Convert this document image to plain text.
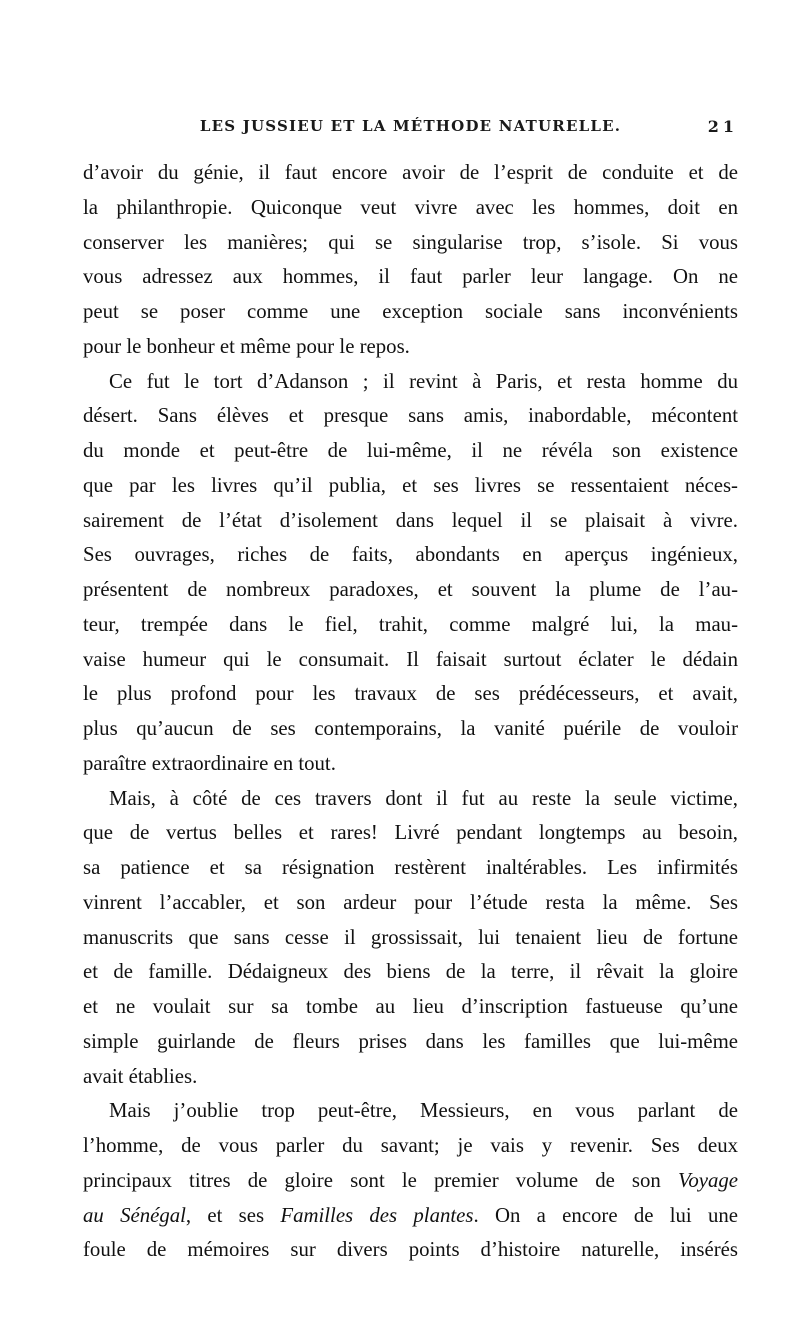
LES JUSSIEU ET LA MÉTHODE NATURELLE.	21
d’avoir du génie, il faut encore avoir de l’esprit de conduite et de
la philanthropie. Quiconque veut vivre avec les hommes, doit en
conserver les manières; qui se singularise trop, s’isole. Si vous
vous adressez aux hommes, il faut parler leur langage. On ne
peut se poser comme une exception sociale sans inconvénients
pour le bonheur et même pour le repos.
Ce fut le tort d’Adanson ; il revint à Paris, et resta homme du
désert. Sans élèves et presque sans amis, inabordable, mécontent
du monde et peut-être de lui-même, il ne révéla son existence
que par les livres qu’il publia, et ses livres se ressentaient néces-
sairement de l’état d’isolement dans lequel il se plaisait à vivre.
Ses ouvrages, riches de faits, abondants en aperçus ingénieux,
présentent de nombreux paradoxes, et souvent la plume de l’au-
teur, trempée dans le fiel, trahit, comme malgré lui, la mau-
vaise humeur qui le consumait. Il faisait surtout éclater le dédain
le plus profond pour les travaux de ses prédécesseurs, et avait,
plus qu’aucun de ses contemporains, la vanité puérile de vouloir
paraître extraordinaire en tout.
Mais, à côté de ces travers dont il fut au reste la seule victime,
que de vertus belles et rares! Livré pendant longtemps au besoin,
sa patience et sa résignation restèrent inaltérables. Les infirmités
vinrent l’accabler, et son ardeur pour l’étude resta la même. Ses
manuscrits que sans cesse il grossissait, lui tenaient lieu de fortune
et de famille. Dédaigneux des biens de la terre, il rêvait la gloire
et ne voulait sur sa tombe au lieu d’inscription fastueuse qu’une
simple guirlande de fleurs prises dans les familles que lui-même
avait établies.
Mais j’oublie trop peut-être, Messieurs, en vous parlant de
l’homme, de vous parler du savant; je vais y revenir. Ses deux
principaux titres de gloire sont le premier volume de son Voyage
au Sénégal, et ses Familles des plantes. On a encore de lui une
foule de mémoires sur divers points d’histoire naturelle, insérés
